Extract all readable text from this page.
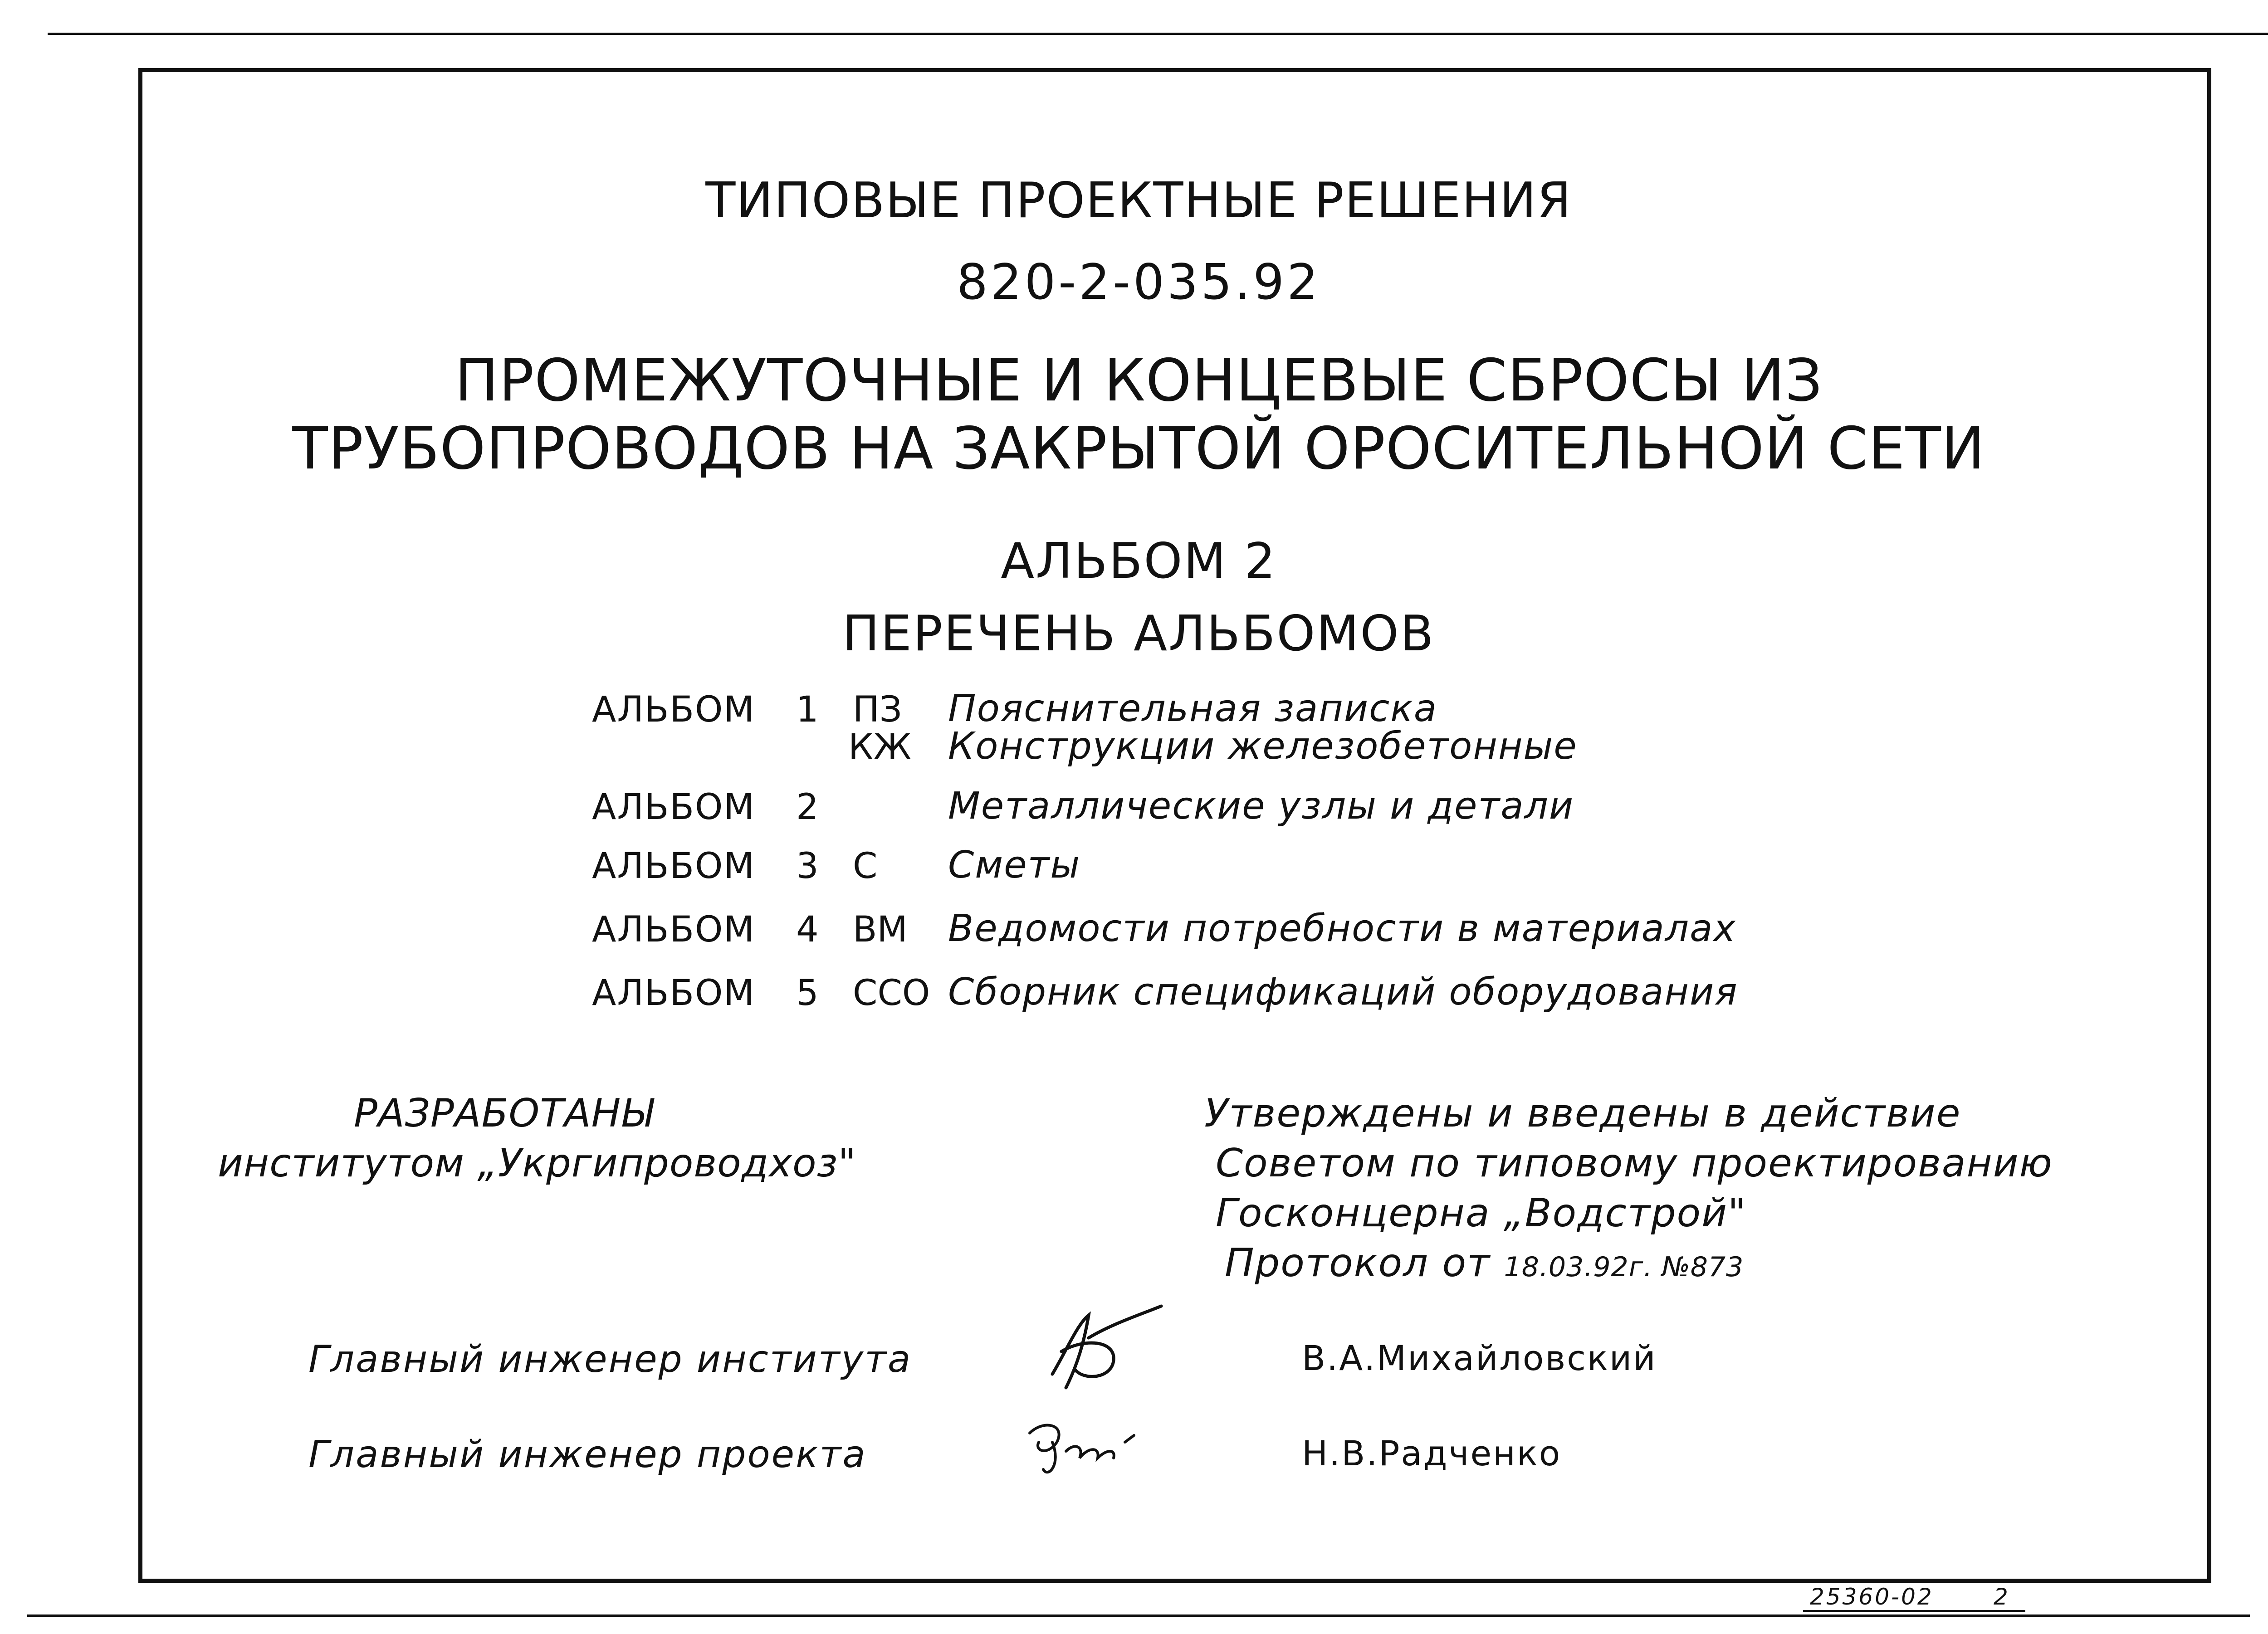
ТИПОВЫЕ ПРОЕКТНЫЕ РЕШЕНИЯ
820-2-035.92
ПРОМЕЖУТОЧНЫЕ И КОНЦЕВЫЕ СБРОСЫ ИЗ
ТРУБОПРОВОДОВ НА ЗАКРЫТОЙ ОРОСИТЕЛЬНОЙ СЕТИ
АЛЬБОМ 2
ПЕРЕЧЕНЬ АЛЬБОМОВ
АЛЬБОМ 1 ПЗ Пояснительная записка
КЖ Конструкции железобетонные
АЛЬБОМ 2	Металлические узлы и детали
АЛЬБОМ 3 С Сметы
АЛЬБОМ 4 ВМ Ведомости потребности в материалах
АЛЬБОМ 5 ССО Сборник спецификаций оборудования
РАЗРАБОТАНЫ
институтом „Укргипроводхоз"
Утверждены и введены в действие
Советом по типовому проектированию
Госконцерна „Водстрой"
Протокол от 18.03.92г. №873
Главный инженер института	В.А.Михайловский
Главный инженер проекта	Н.В.Радченко
25360-02	2
